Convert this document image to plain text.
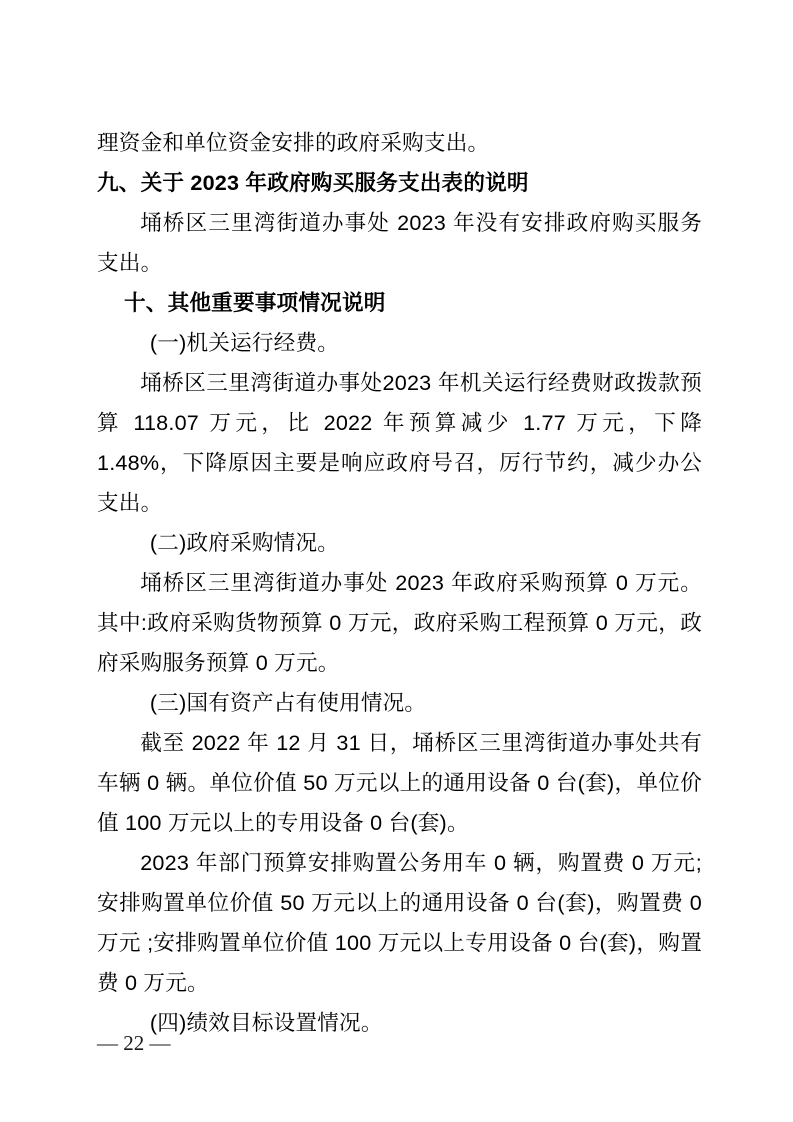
理资金和单位资金安排的政府采购支出。

九、关于 2023 年政府购买服务支出表的说明

埇桥区三里湾街道办事处 2023 年没有安排政府购买服务支出。

十、其他重要事项情况说明

(一)机关运行经费。

埇桥区三里湾街道办事处2023 年机关运行经费财政拨款预算 118.07 万元，比 2022 年预算减少 1.77 万元，下降 1.48%，下降原因主要是响应政府号召，厉行节约，减少办公支出。

(二)政府采购情况。

埇桥区三里湾街道办事处 2023 年政府采购预算 0 万元。其中:政府采购货物预算 0 万元，政府采购工程预算 0 万元，政府采购服务预算 0 万元。

(三)国有资产占有使用情况。

截至 2022 年 12 月 31 日，埇桥区三里湾街道办事处共有车辆 0 辆。单位价值 50 万元以上的通用设备 0 台(套)，单位价值 100 万元以上的专用设备 0 台(套)。

2023 年部门预算安排购置公务用车 0 辆，购置费 0 万元;安排购置单位价值 50 万元以上的通用设备 0 台(套)，购置费 0 万元 ;安排购置单位价值 100 万元以上专用设备 0 台(套)，购置费 0 万元。

(四)绩效目标设置情况。

— 22 —
